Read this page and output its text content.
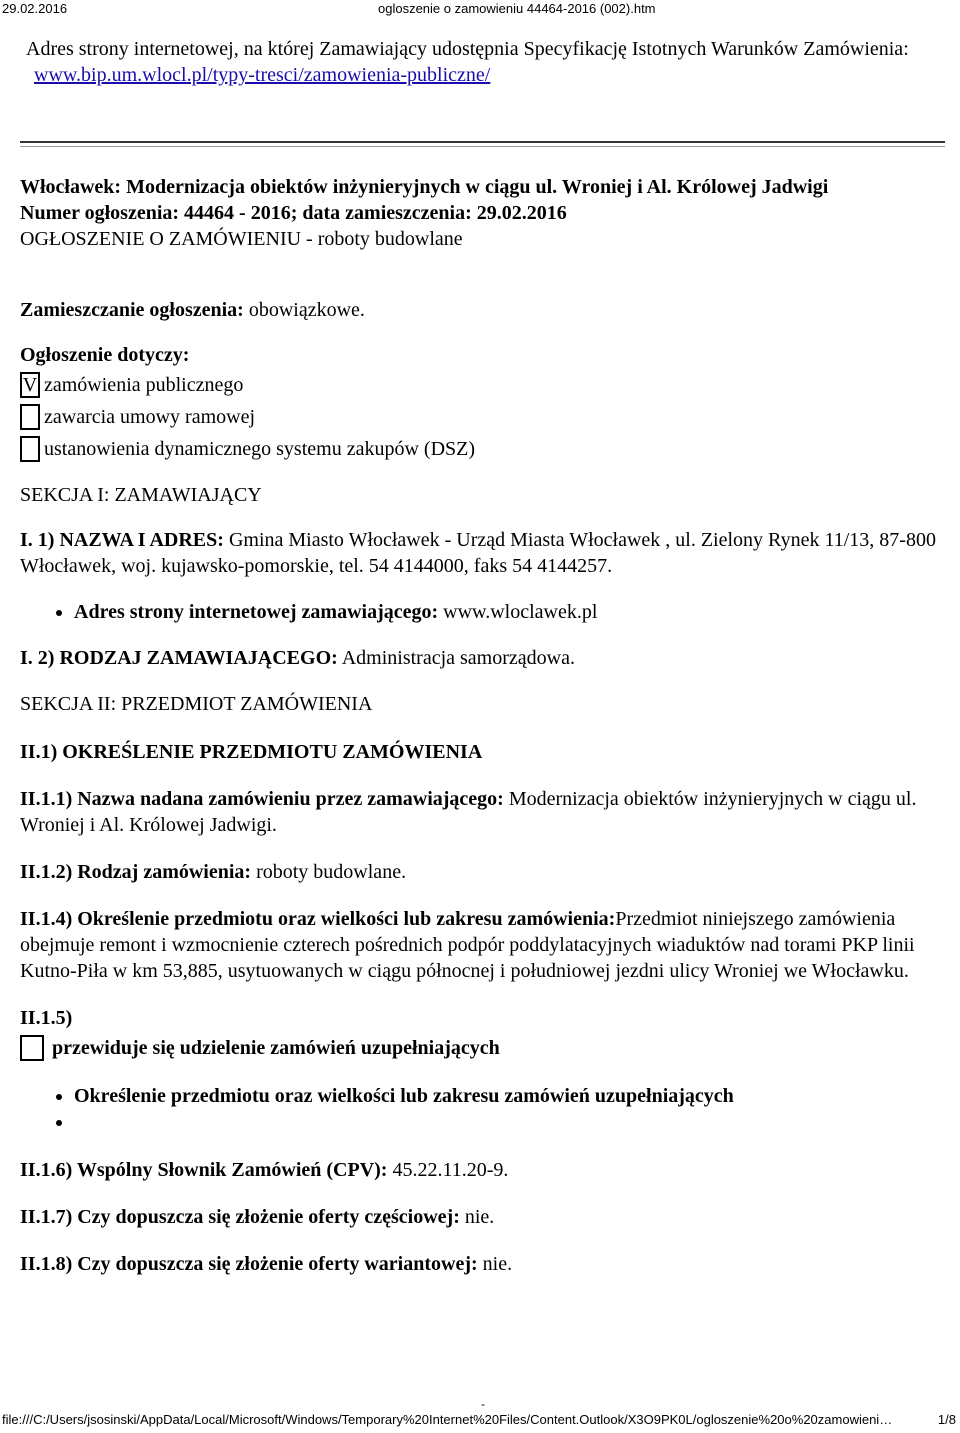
29.02.2016	ogloszenie o zamowieniu 44464-2016 (002).htm

Adres strony internetowej, na której Zamawiający udostępnia Specyfikację Istotnych Warunków Zamówienia:

www.bip.um.wlocl.pl/typy-tresci/zamowienia-publiczne/

Włocławek: Modernizacja obiektów inżynieryjnych w ciągu ul. Wroniej i Al. Królowej Jadwigi

Numer ogłoszenia: 44464 - 2016; data zamieszczenia: 29.02.2016

OGŁOSZENIE O ZAMÓWIENIU - roboty budowlane

Zamieszczanie ogłoszenia: obowiązkowe.

Ogłoszenie dotyczy:

V zamówienia publicznego
zawarcia umowy ramowej
ustanowienia dynamicznego systemu zakupów (DSZ)

SEKCJA I: ZAMAWIAJĄCY

I. 1) NAZWA I ADRES: Gmina Miasto Włocławek - Urząd Miasta Włocławek , ul. Zielony Rynek 11/13, 87-800 Włocławek, woj. kujawsko-pomorskie, tel. 54 4144000, faks 54 4144257.

• Adres strony internetowej zamawiającego: www.wloclawek.pl

I. 2) RODZAJ ZAMAWIAJĄCEGO: Administracja samorządowa.

SEKCJA II: PRZEDMIOT ZAMÓWIENIA

II.1) OKREŚLENIE PRZEDMIOTU ZAMÓWIENIA

II.1.1) Nazwa nadana zamówieniu przez zamawiającego: Modernizacja obiektów inżynieryjnych w ciągu ul. Wroniej i Al. Królowej Jadwigi.

II.1.2) Rodzaj zamówienia: roboty budowlane.

II.1.4) Określenie przedmiotu oraz wielkości lub zakresu zamówienia:Przedmiot niniejszego zamówienia obejmuje remont i wzmocnienie czterech pośrednich podpór poddylatacyjnych wiaduktów nad torami PKP linii Kutno-Piła w km 53,885, usytuowanych w ciągu północnej i południowej jezdni ulicy Wroniej we Włocławku.

II.1.5)

przewiduje się udzielenie zamówień uzupełniających
• Określenie przedmiotu oraz wielkości lub zakresu zamówień uzupełniających
•

II.1.6) Wspólny Słownik Zamówień (CPV): 45.22.11.20-9.

II.1.7) Czy dopuszcza się złożenie oferty częściowej: nie.

II.1.8) Czy dopuszcza się złożenie oferty wariantowej: nie.

-
file:///C:/Users/jsosinski/AppData/Local/Microsoft/Windows/Temporary%20Internet%20Files/Content.Outlook/X3O9PK0L/ogloszenie%20o%20zamowieni…	1/8
